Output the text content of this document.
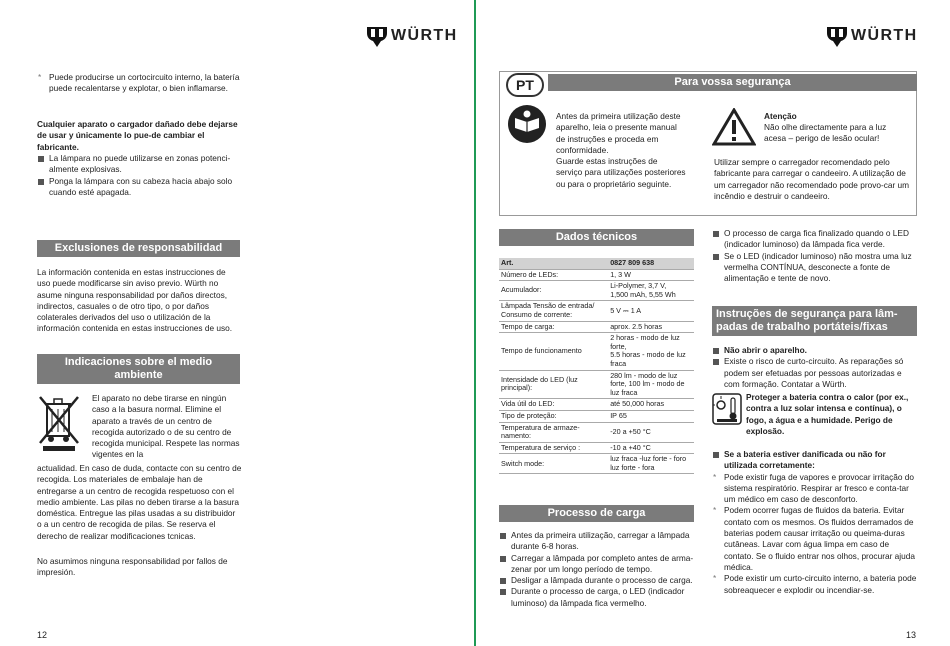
WÜRTH
* Puede producirse un cortocircuito interno, la batería puede recalentarse y explotar, o bien inflamarse.
Cualquier aparato o cargador dañado debe dejarse de usar y únicamente lo pue-de cambiar el fabricante.
La lámpara no puede utilizarse en zonas potenci-almente explosivas.
Ponga la lámpara con su cabeza hacia abajo solo cuando esté apagada.
Exclusiones de responsabilidad
La información contenida en estas instrucciones de uso puede modificarse sin aviso previo. Würth no asume ninguna responsabilidad por daños directos, indirectos, casuales o de otro tipo, o por daños colaterales derivados del uso o utilización de la información contenida en estas instrucciones de uso.
Indicaciones sobre el medio ambiente
El aparato no debe tirarse en ningún caso a la basura normal. Elimine el aparato a través de un centro de recogida autorizado o de su centro de recogida municipal. Respete las normas vigentes en la
actualidad. En caso de duda, contacte con su centro de recogida. Los materiales de embalaje han de entregarse a un centro de recogida respetuoso con el medio ambiente. Las pilas no deben tirarse a la basura doméstica. Entregue las pilas usadas a su distribuidor o a un centro de recogida de pilas. Se reserva el derecho de realizar modificaciones tcnicas.
No asumimos ninguna responsabilidad por fallos de impresión.
12
WÜRTH
PT	Para vossa segurança
Antes da primeira utilização deste aparelho, leia o presente manual de instruções e proceda em conformidade.
Guarde estas instruções de serviço para utilizações posteriores ou para o proprietário seguinte.
Atenção
Não olhe directamente para a luz acesa – perigo de lesão ocular!
Utilizar sempre o carregador recomendado pelo fabricante para carregar o candeeiro. A utilização de um carregador não recomendado pode provo-car um incêndio e destruir o candeeiro.
Dados técnicos
Art.	0827 809 638
Número de LEDs:	1, 3 W
Acumulador:	Li-Polymer, 3,7 V,
1,500 mAh, 5,55 Wh
Lâmpada Tensão de entrada/ Consumo de corrente:	5 V ⎓ 1 A
Tempo de carga:	aprox. 2.5 horas
Tempo de funcionamento	2 horas - modo de luz forte,
5.5 horas - modo de luz fraca
Intensidade do LED (luz principal):	280 lm - modo de luz forte, 100 lm - modo de luz fraca
Vida útil do LED:	até 50,000 horas
Tipo de proteção:	IP 65
Temperatura de armaze-namento:	-20 a +50 °C
Temperatura de serviço :	-10 a +40 °C
Switch mode:	luz fraca -luz forte - foro
luz forte - fora
Processo de carga
Antes da primeira utilização, carregar a lâmpada durante 6-8 horas.
Carregar a lâmpada por completo antes de arma-zenar por um longo período de tempo.
Desligar a lâmpada durante o processo de carga.
Durante o processo de carga, o LED (indicador luminoso) da lâmpada fica vermelho.
O processo de carga fica finalizado quando o LED (indicador luminoso) da lâmpada fica verde.
Se o LED (indicador luminoso) não mostra uma luz vermelha CONTÍNUA, desconecte a fonte de alimentação e tente de novo.
Instruções de segurança para lâm-padas de trabalho portáteis/fixas
Não abrir o aparelho.
Existe o risco de curto-circuito. As reparações só podem ser efetuadas por pessoas autorizadas e com formação. Contatar a Würth.
Proteger a bateria contra o calor (por ex., contra a luz solar intensa e contínua), o fogo, a água e a humidade. Perigo de explosão.
Se a bateria estiver danificada ou não for utilizada corretamente:
* Pode existir fuga de vapores e provocar irritação do sistema respiratório. Respirar ar fresco e conta-tar um médico em caso de desconforto.
* Podem ocorrer fugas de fluidos da bateria. Evitar contato com os mesmos. Os fluidos derramados de baterias podem causar irritação ou queima-duras cutâneas. Lavar com água limpa em caso de contato. Se o fluido entrar nos olhos, procurar ajuda médica.
* Pode existir um curto-circuito interno, a bateria pode sobreaquecer e explodir ou incendiar-se.
13
